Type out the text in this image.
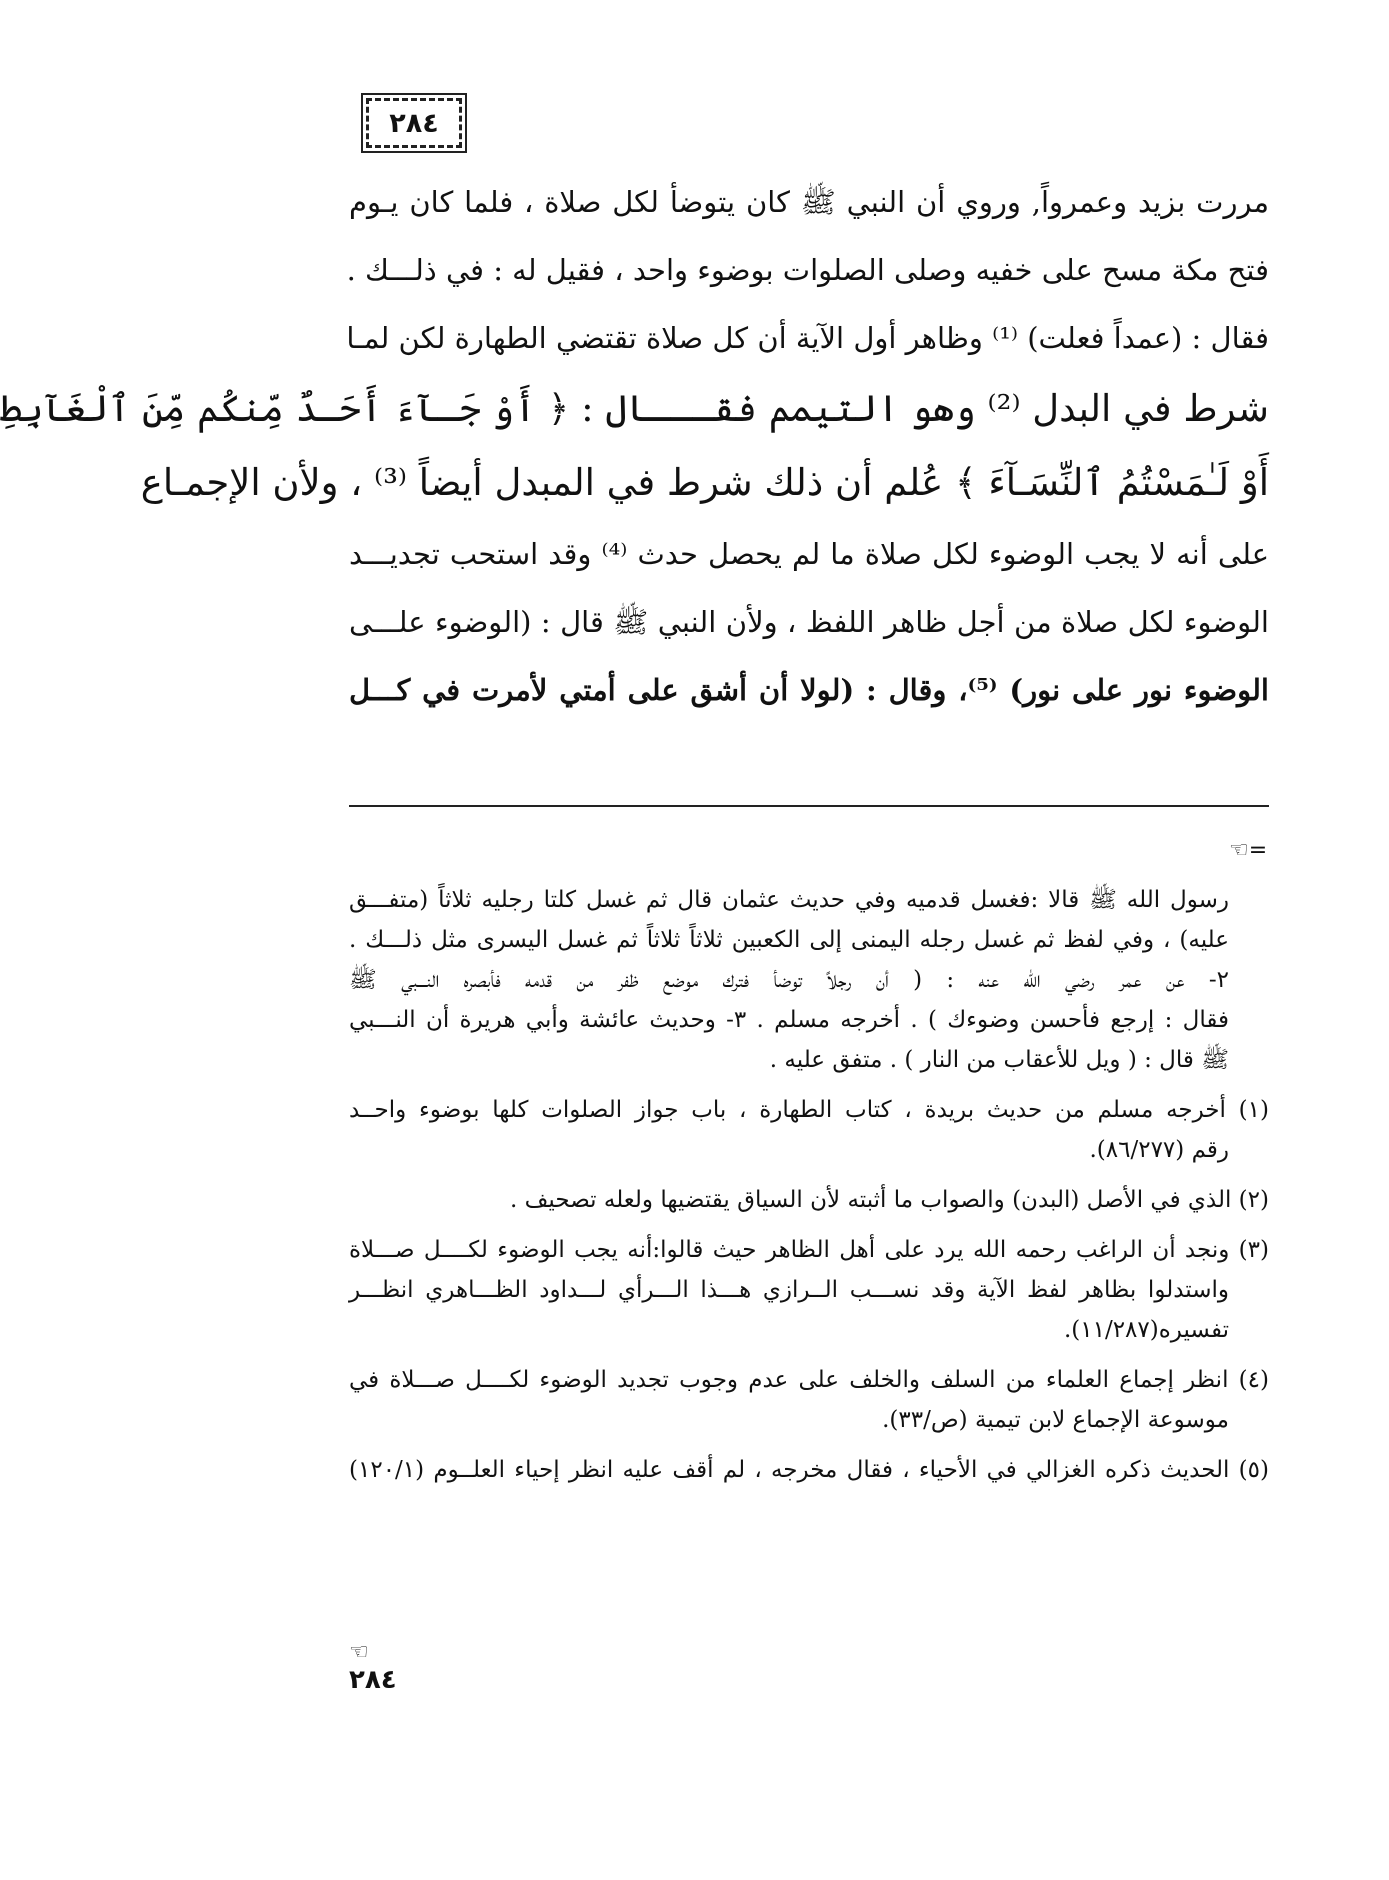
٢٨٤
مررت بزيد وعمرواً, وروي أن النبي ﷺ كان يتوضأ لكل صلاة ، فلما كان يـوم
فتح مكة مسح على خفيه وصلى الصلوات بوضوء واحد ، فقيل له : في ذلـــك .
فقال : (عمداً فعلت) ⁽¹⁾ وظاهر أول الآية أن كل صلاة تقتضي الطهارة لكن لمـا
شرط في البدل ⁽²⁾ وهو التيمم فقـــال : ﴿ أَوْ جَـآءَ أَحَـدٌ مِّنكُم مِّنَ ٱلْغَآبِطِ
أَوْ لَـٰمَسْتُمُ ٱلنِّسَـآءَ ﴾ عُلم أن ذلك شرط في المبدل أيضاً ⁽³⁾ ، ولأن الإجمـاع
على أنه لا يجب الوضوء لكل صلاة ما لم يحصل حدث ⁽⁴⁾ وقد استحب تجديـــد
الوضوء لكل صلاة من أجل ظاهر اللفظ ، ولأن النبي ﷺ قال : (الوضوء علـــى
الوضوء نور على نور) ⁽⁵⁾، وقال : (لولا أن أشق على أمتي لأمرت في كـــل
=☜
رسول الله ﷺ قالا :فغسل قدميه وفي حديث عثمان قال ثم غسل كلتا رجليه ثلاثاً (متفـــق
عليه) ، وفي لفظ ثم غسل رجله اليمنى إلى الكعبين ثلاثاً ثلاثاً ثم غسل اليسرى مثل ذلـــك .
٢- عن عمر رضي الله عنه : ( أن رجلاً توضأ فترك موضع ظفر من قدمه فأبصره النـــبي ﷺ
فقال : إرجع فأحسن وضوءك ) . أخرجه مسلم . ٣- وحديث عائشة وأبي هريرة أن النـــبي
ﷺ قال : ( ويل للأعقاب من النار ) . متفق عليه .
(١) أخرجه مسلم من حديث بريدة ، كتاب الطهارة ، باب جواز الصلوات كلها بوضوء واحــد
رقم (٨٦/٢٧٧).
(٢) الذي في الأصل (البدن) والصواب ما أثبته لأن السياق يقتضيها ولعله تصحيف .
(٣) ونجد أن الراغب رحمه الله يرد على أهل الظاهر حيث قالوا:أنه يجب الوضوء لكــــل صـــلاة
واستدلوا بظاهر لفظ الآية وقد نســـب الــرازي هـــذا الـــرأي لـــداود الظـــاهري انظـــر
تفسيره(١١/٢٨٧).
(٤) انظر إجماع العلماء من السلف والخلف على عدم وجوب تجديد الوضوء لكــــل صـــلاة في
موسوعة الإجماع لابن تيمية (ص/٣٣).
(٥) الحديث ذكره الغزالي في الأحياء ، فقال مخرجه ، لم أقف عليه انظر إحياء العلــوم (١٢٠/١)
☜
٢٨٤
